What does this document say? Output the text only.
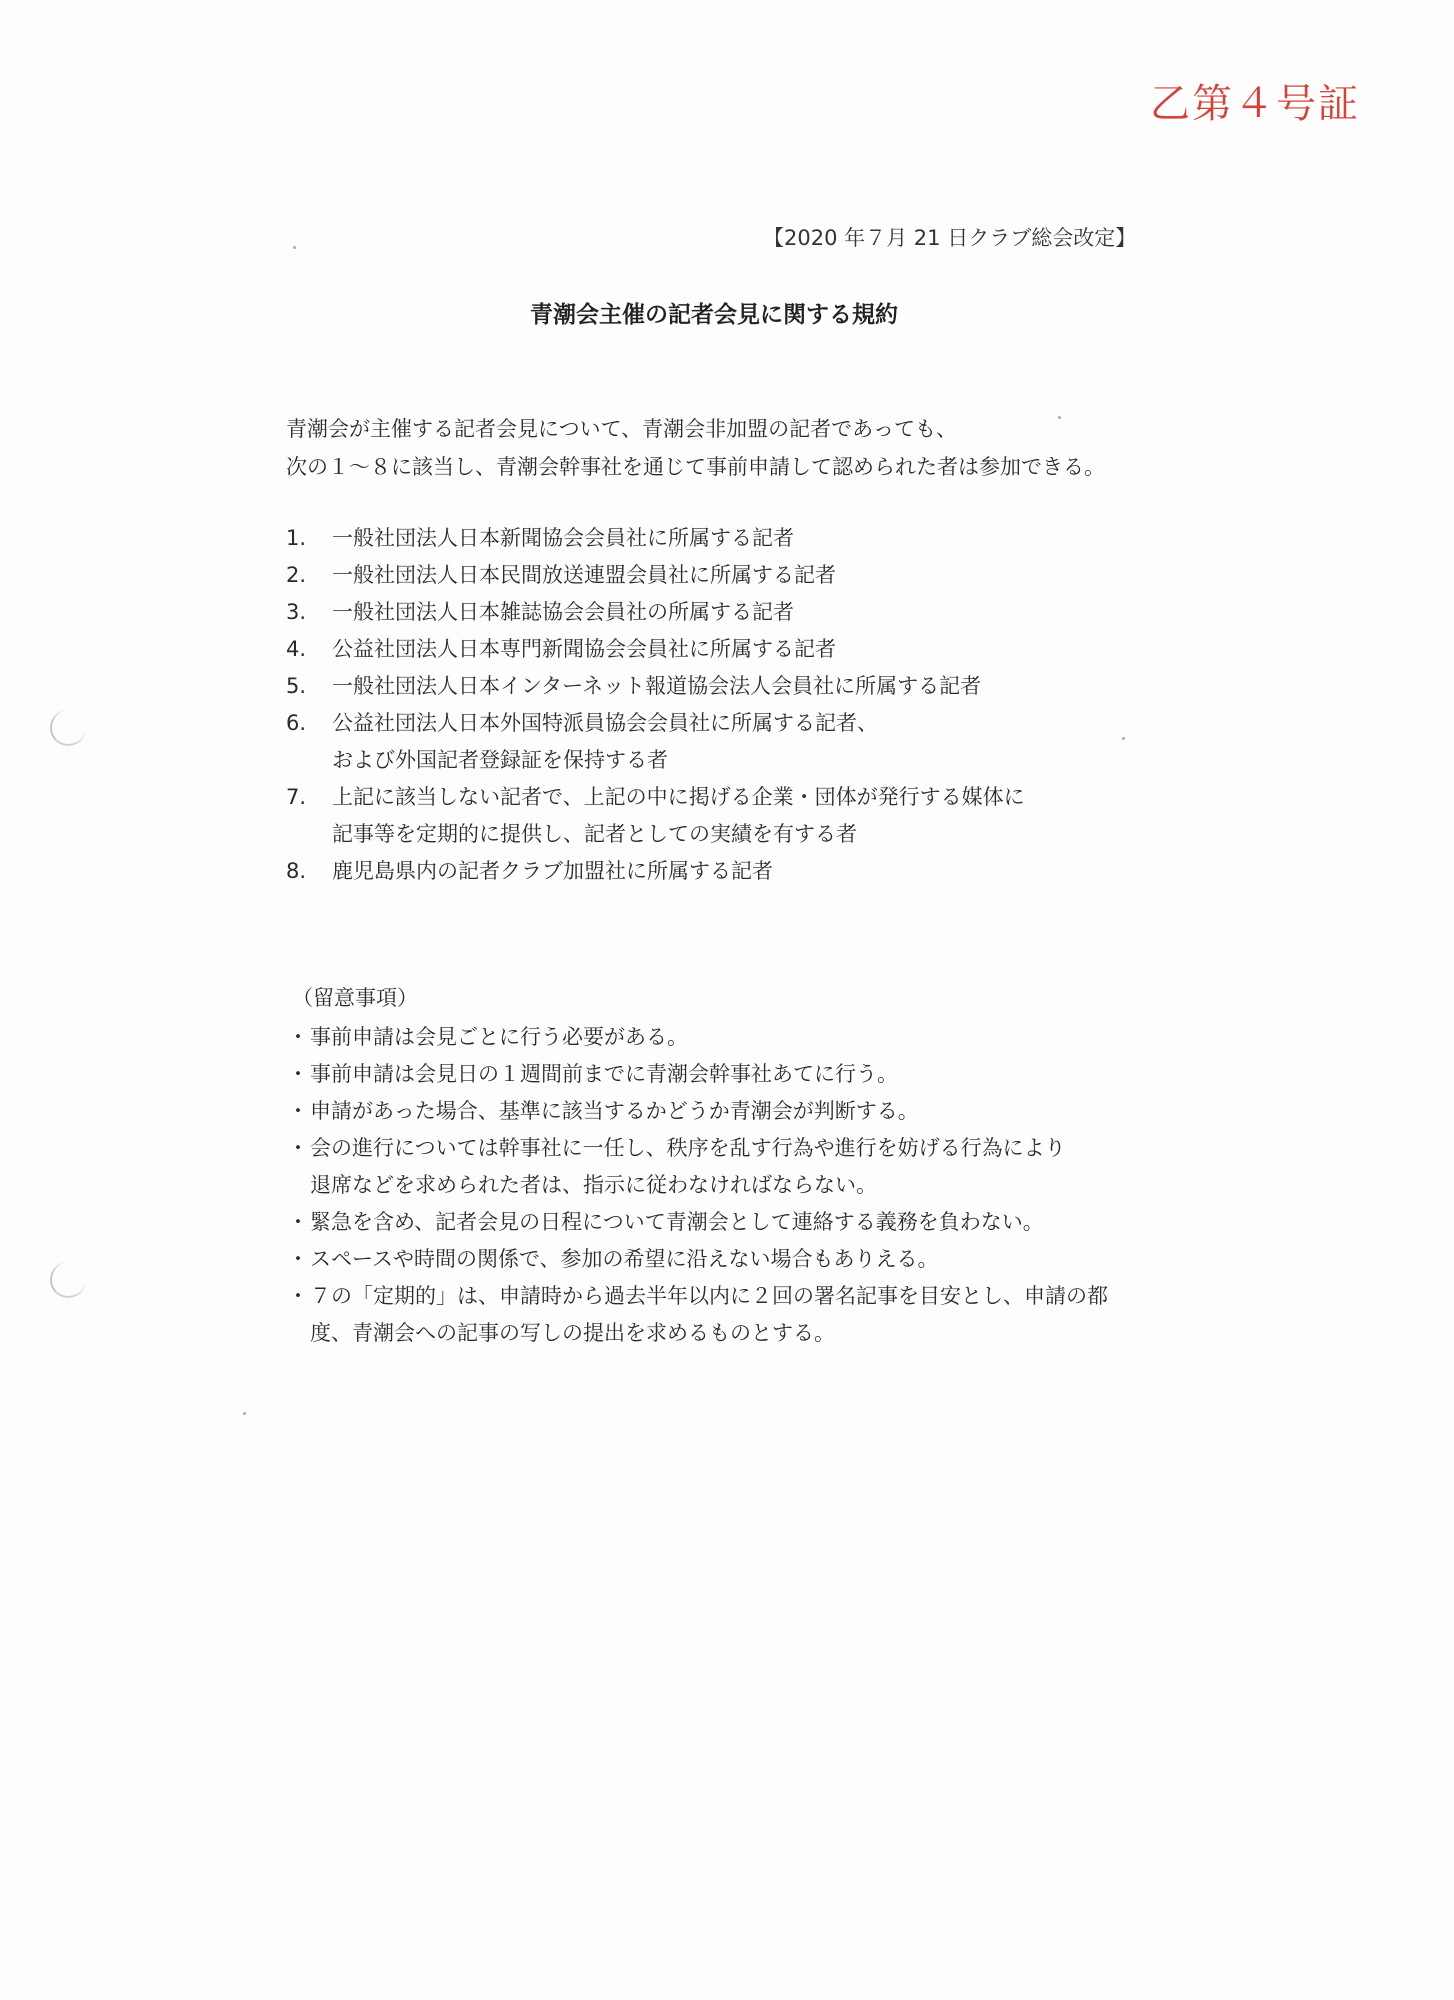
乙第４号証
【2020 年７月 21 日クラブ総会改定】
青潮会主催の記者会見に関する規約

青潮会が主催する記者会見について、青潮会非加盟の記者であっても、

次の１～８に該当し、青潮会幹事社を通じて事前申請して認められた者は参加できる。

1.	一般社団法人日本新聞協会会員社に所属する記者
2.	一般社団法人日本民間放送連盟会員社に所属する記者
3.	一般社団法人日本雑誌協会会員社の所属する記者
4.	公益社団法人日本専門新聞協会会員社に所属する記者
5.	一般社団法人日本インターネット報道協会法人会員社に所属する記者
6.	公益社団法人日本外国特派員協会会員社に所属する記者、
および外国記者登録証を保持する者
7.	上記に該当しない記者で、上記の中に掲げる企業・団体が発行する媒体に
記事等を定期的に提供し、記者としての実績を有する者
8.	鹿児島県内の記者クラブ加盟社に所属する記者

（留意事項）

・ 事前申請は会見ごとに行う必要がある。
・ 事前申請は会見日の１週間前までに青潮会幹事社あてに行う。
・ 申請があった場合、基準に該当するかどうか青潮会が判断する。
・ 会の進行については幹事社に一任し、秩序を乱す行為や進行を妨げる行為により
退席などを求められた者は、指示に従わなければならない。
・ 緊急を含め、記者会見の日程について青潮会として連絡する義務を負わない。
・ スペースや時間の関係で、参加の希望に沿えない場合もありえる。
・ ７の「定期的」は、申請時から過去半年以内に２回の署名記事を目安とし、申請の都
度、青潮会への記事の写しの提出を求めるものとする。
